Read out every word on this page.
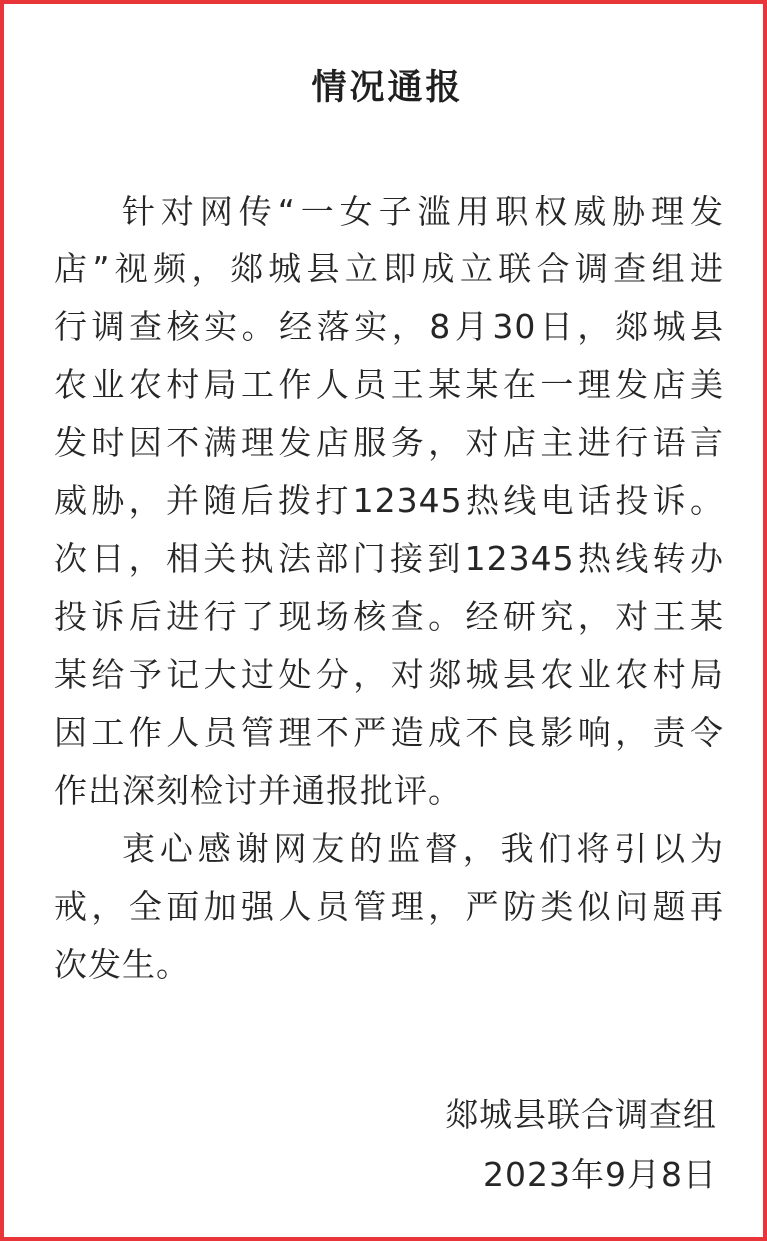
情况通报
针对网传“一女子滥用职权威胁理发
店”视频，郯城县立即成立联合调查组进
行调查核实。经落实，8月30日，郯城县
农业农村局工作人员王某某在一理发店美
发时因不满理发店服务，对店主进行语言
威胁，并随后拨打12345热线电话投诉。
次日，相关执法部门接到12345热线转办
投诉后进行了现场核查。经研究，对王某
某给予记大过处分，对郯城县农业农村局
因工作人员管理不严造成不良影响，责令
作出深刻检讨并通报批评。
衷心感谢网友的监督，我们将引以为
戒，全面加强人员管理，严防类似问题再
次发生。
郯城县联合调查组
2023年9月8日
